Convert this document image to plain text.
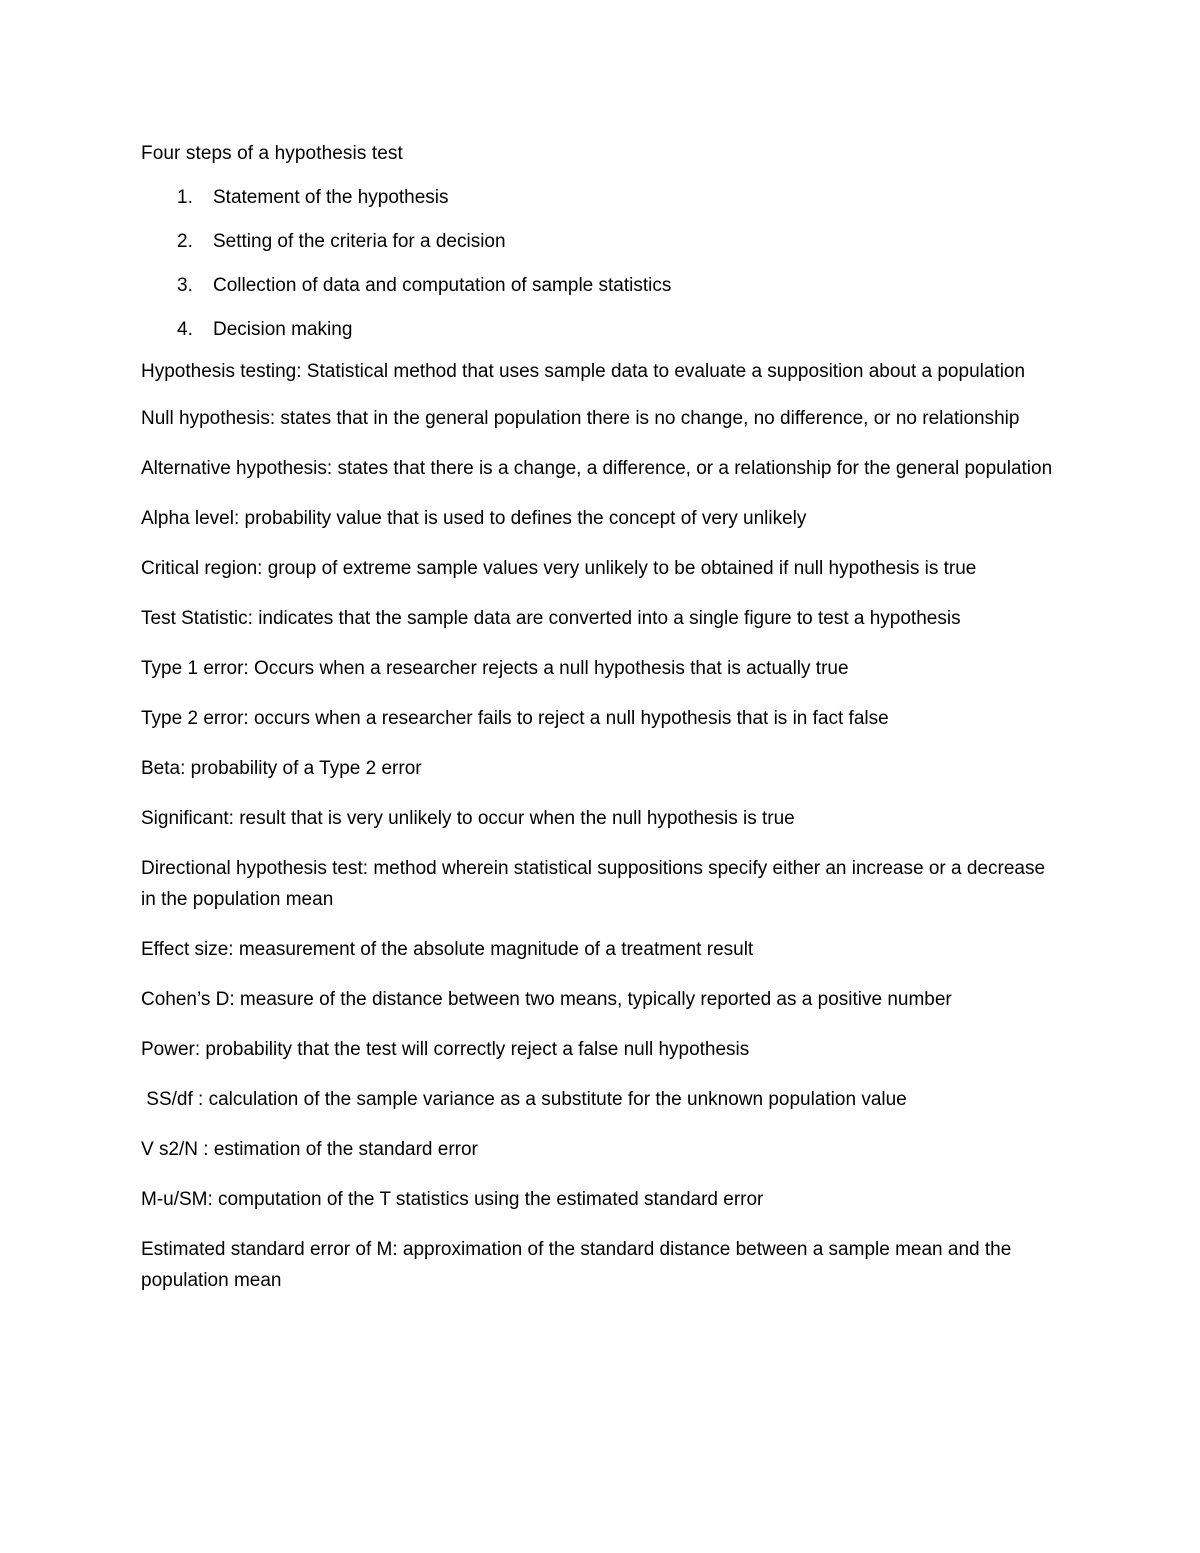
Four steps of a hypothesis test

1.	Statement of the hypothesis
2.	Setting of the criteria for a decision
3.	Collection of data and computation of sample statistics
4.	Decision making

Hypothesis testing: Statistical method that uses sample data to evaluate a supposition about a population

Null hypothesis: states that in the general population there is no change, no difference, or no relationship

Alternative hypothesis: states that there is a change, a difference, or a relationship for the general population

Alpha level: probability value that is used to defines the concept of very unlikely

Critical region: group of extreme sample values very unlikely to be obtained if null hypothesis is true

Test Statistic: indicates that the sample data are converted into a single figure to test a hypothesis

Type 1 error: Occurs when a researcher rejects a null hypothesis that is actually true

Type 2 error: occurs when a researcher fails to reject a null hypothesis that is in fact false

Beta: probability of a Type 2 error

Significant: result that is very unlikely to occur when the null hypothesis is true

Directional hypothesis test: method wherein statistical suppositions specify either an increase or a decrease in the population mean

Effect size: measurement of the absolute magnitude of a treatment result

Cohen’s D: measure of the distance between two means, typically reported as a positive number

Power: probability that the test will correctly reject a false null hypothesis

SS/df : calculation of the sample variance as a substitute for the unknown population value

V s2/N : estimation of the standard error

M-u/SM: computation of the T statistics using the estimated standard error

Estimated standard error of M: approximation of the standard distance between a sample mean and the population mean
